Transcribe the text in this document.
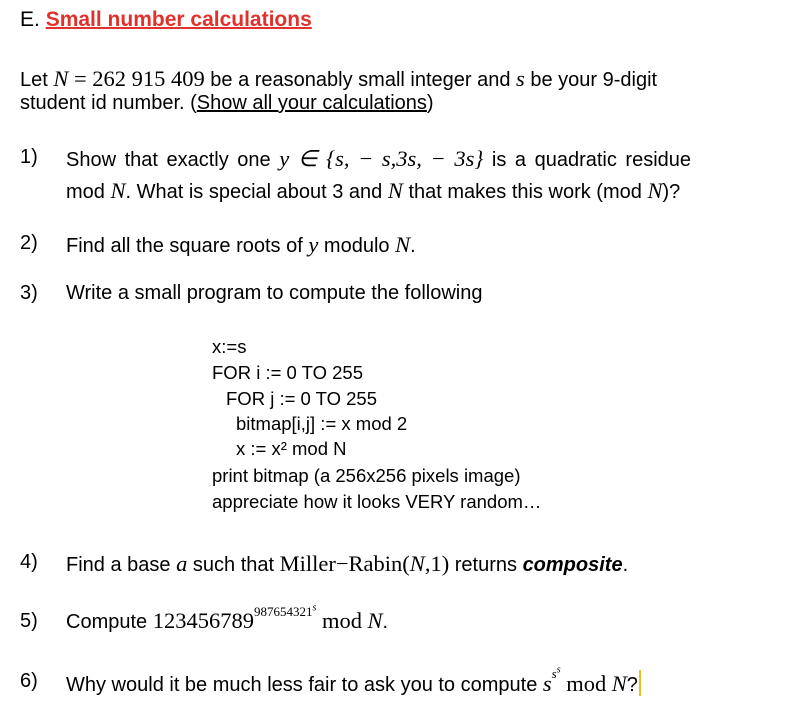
E. Small number calculations
Let N = 262 915 409 be a reasonably small integer and s be your 9-digit
student id number. (Show all your calculations)
1) Show that exactly one y ∈ {s, − s,3s, − 3s} is a quadratic residue
mod N. What is special about 3 and N that makes this work (mod N)?
2) Find all the square roots of y modulo N.
3) Write a small program to compute the following
x:=s
FOR i := 0 TO 255
FOR j := 0 TO 255
bitmap[i,j] := x mod 2
x := x² mod N
print bitmap (a 256x256 pixels image)
appreciate how it looks VERY random…
4) Find a base a such that Miller−Rabin(N,1) returns composite.
5) Compute $123456789^{987654321^s}$ mod N.
6) Why would it be much less fair to ask you to compute $s^{s^s}$ mod N?
